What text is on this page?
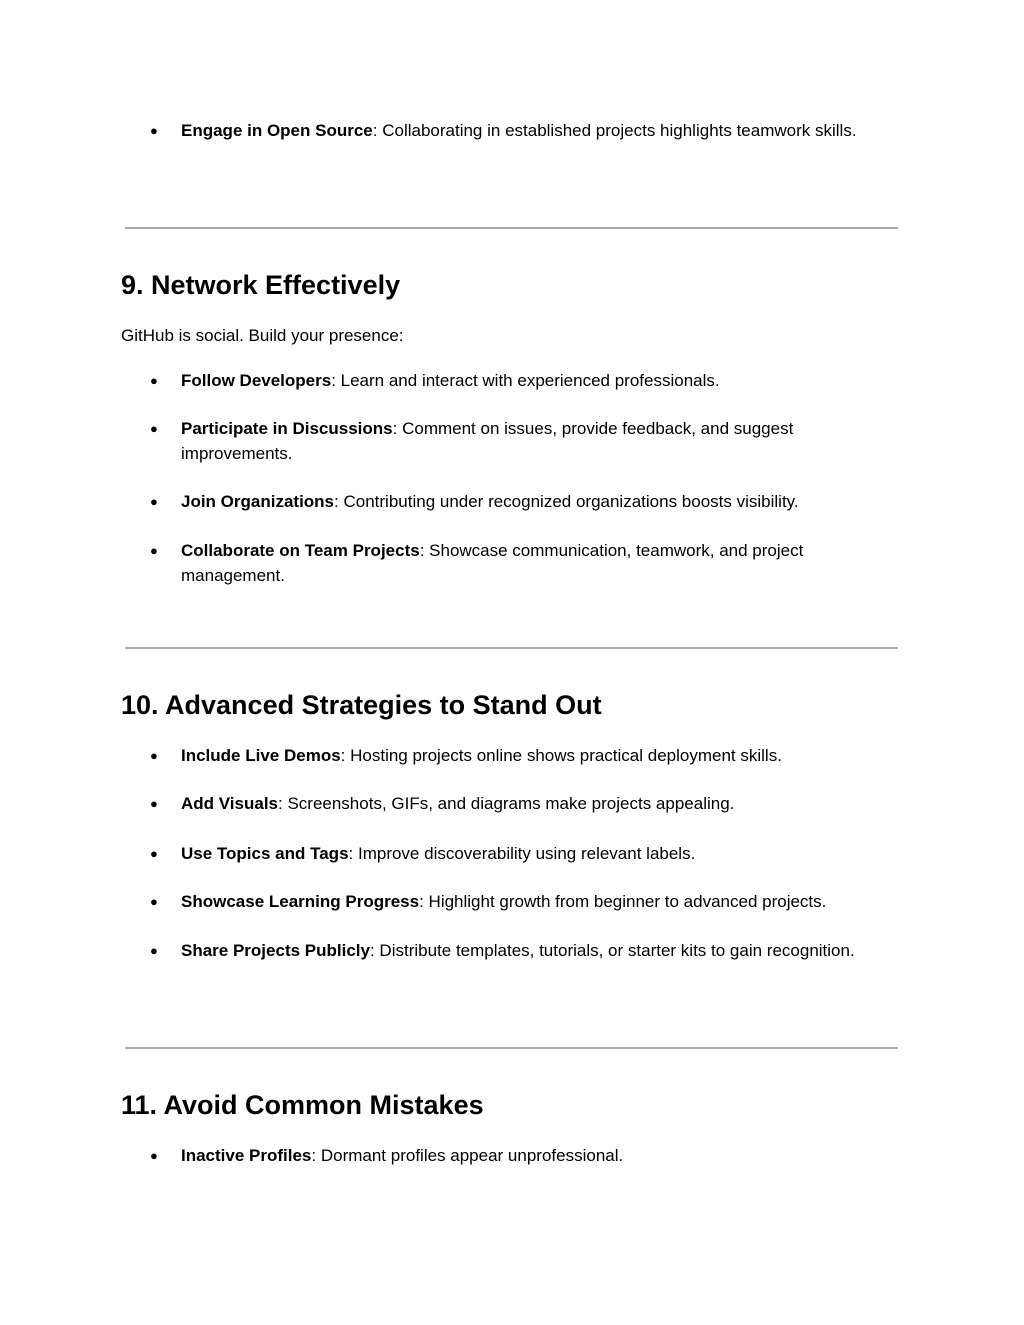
●	Engage in Open Source: Collaborating in established projects highlights teamwork skills.
9. Network Effectively
GitHub is social. Build your presence:
●	Follow Developers: Learn and interact with experienced professionals.
●	Participate in Discussions: Comment on issues, provide feedback, and suggest improvements.
●	Join Organizations: Contributing under recognized organizations boosts visibility.
●	Collaborate on Team Projects: Showcase communication, teamwork, and project management.
10. Advanced Strategies to Stand Out
●	Include Live Demos: Hosting projects online shows practical deployment skills.
●	Add Visuals: Screenshots, GIFs, and diagrams make projects appealing.
●	Use Topics and Tags: Improve discoverability using relevant labels.
●	Showcase Learning Progress: Highlight growth from beginner to advanced projects.
●	Share Projects Publicly: Distribute templates, tutorials, or starter kits to gain recognition.
11. Avoid Common Mistakes
●	Inactive Profiles: Dormant profiles appear unprofessional.
